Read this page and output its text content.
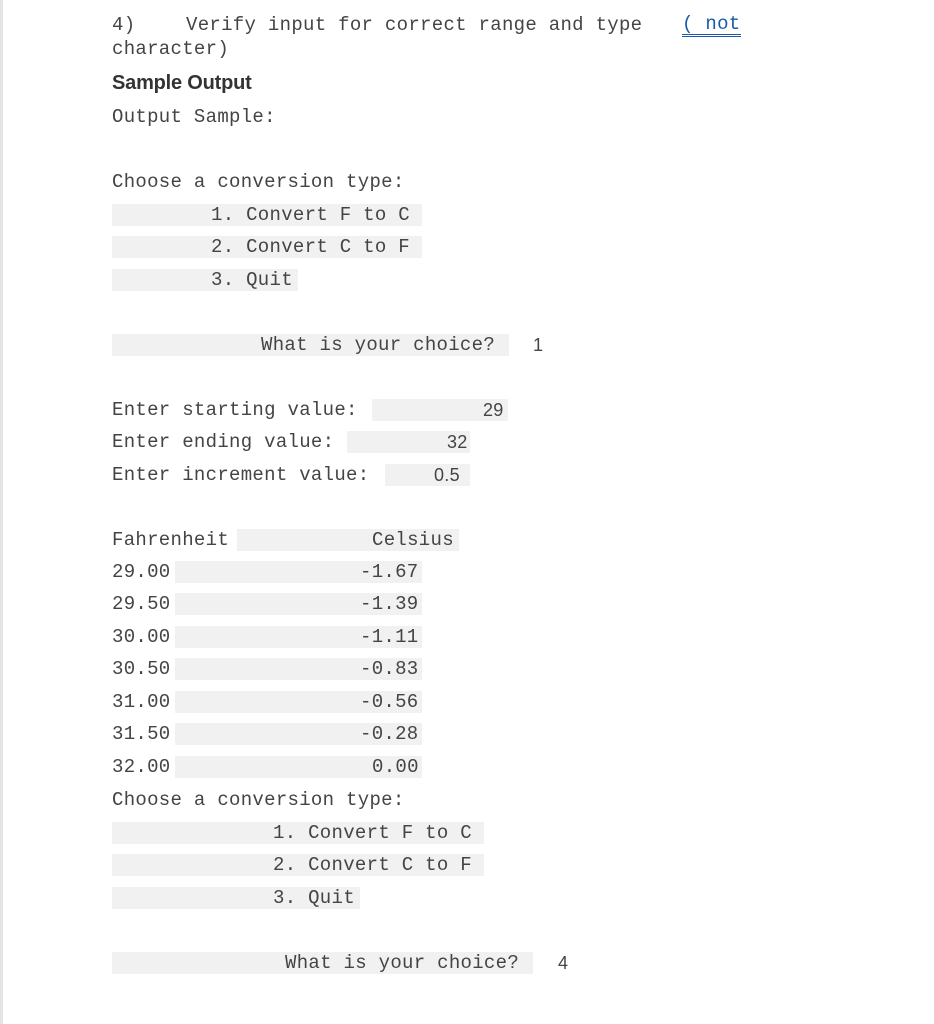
4)	Verify input for correct range and type ( not
character)
Sample Output
Output Sample:
Choose a conversion type:
1. Convert F to C
2. Convert C to F
3. Quit
What is your choice? 1
Enter starting value:	29
Enter ending value:	32
Enter increment value:	0.5
Fahrenheit	Celsius
29.00	-1.67
29.50	-1.39
30.00	-1.11
30.50	-0.83
31.00	-0.56
31.50	-0.28
32.00	0.00
Choose a conversion type:
1. Convert F to C
2. Convert C to F
3. Quit
What is your choice? 4
